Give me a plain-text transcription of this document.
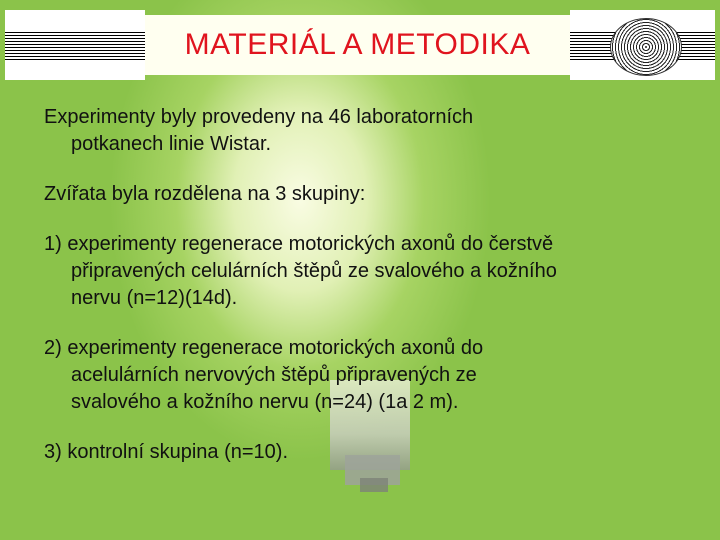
MATERIÁL A METODIKA

Experimenty byly provedeny na 46 laboratorních
potkanech linie Wistar.

Zvířata byla rozdělena na 3 skupiny:

1) experimenty regenerace motorických axonů do čerstvě
připravených celulárních štěpů ze svalového a kožního
nervu (n=12)(14d).

2) experimenty regenerace motorických axonů do
acelulárních nervových štěpů připravených ze
svalového a kožního nervu (n=24) (1a 2 m).

3) kontrolní skupina (n=10).
